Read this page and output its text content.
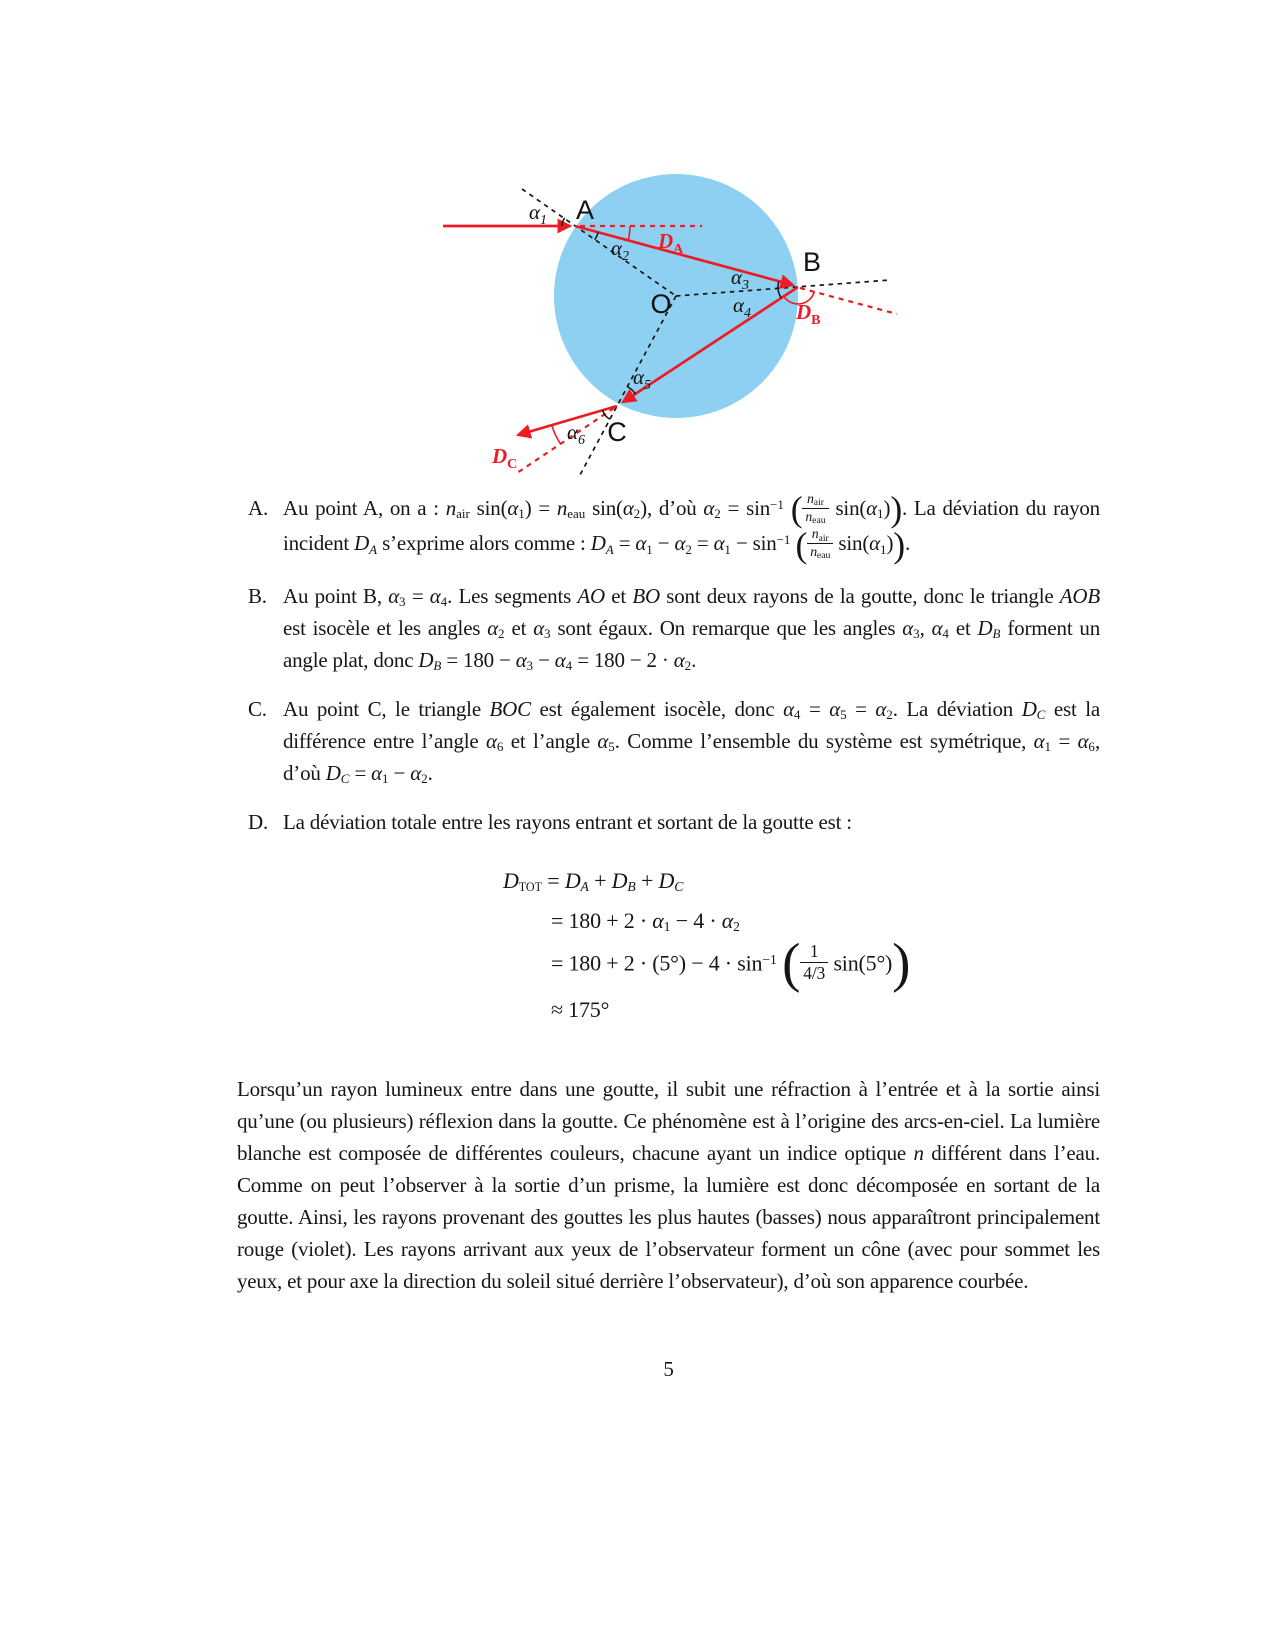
A
B
C
O
$\alpha_1$
$\alpha_2$
$\alpha_3$
$\alpha_4$
$\alpha_5$
$\alpha_6$
$D_A$
$D_B$
$D_C$
A. Au point A, on a : $n_{air}$ $\sin(\alpha_1) = n_{eau}$ $\sin(\alpha_2)$, d’où $\alpha_2 = \sin^{-1}$ ( $\frac{n_{air}}{n_{eau}} \sin(\alpha_1)$). La déviation du rayon incident $D_A$ s’exprime alors comme : $D_A = \alpha_1 - \alpha_2 = \alpha_1 - \sin^{-1}$ ( $\frac{n_{air}}{n_{eau}} \sin(\alpha_1)$).
B. Au point B, $\alpha_3 = \alpha_4$. Les segments AO et BO sont deux rayons de la goutte, donc le triangle AOB est isocèle et les angles $\alpha_2$ et $\alpha_3$ sont égaux. On remarque que les angles $\alpha_3$, $\alpha_4$ et $D_B$ forment un angle plat, donc $D_B = 180 - \alpha_3 - \alpha_4 = 180 - 2 \cdot \alpha_2$.
C. Au point C, le triangle BOC est également isocèle, donc $\alpha_4 = \alpha_5 = \alpha_2$. La déviation $D_C$ est la différence entre l’angle $\alpha_6$ et l’angle $\alpha_5$. Comme l’ensemble du système est symétrique, $\alpha_1 = \alpha_6$, d’où $D_C = \alpha_1 - \alpha_2$.
D. La déviation totale entre les rayons entrant et sortant de la goutte est :
$D_{TOT} = D_A + D_B + D_C$
= $180 + 2 \cdot \alpha_1 - 4 \cdot \alpha_2$
= $180 + 2 \cdot (5^\circ) - 4 \cdot \sin^{-1}$ ( $\frac{1}{4/3} \sin(5^\circ)$)
≈ 175°
Lorsqu’un rayon lumineux entre dans une goutte, il subit une réfraction à l’entrée et à la sortie ainsi qu’une (ou plusieurs) réflexion dans la goutte. Ce phénomène est à l’origine des arcs-en-ciel. La lumière blanche est composée de différentes couleurs, chacune ayant un indice optique n différent dans l’eau. Comme on peut l’observer à la sortie d’un prisme, la lumière est donc décomposée en sortant de la goutte. Ainsi, les rayons provenant des gouttes les plus hautes (basses) nous apparaîtront principalement rouge (violet). Les rayons arrivant aux yeux de l’observateur forment un cône (avec pour sommet les yeux, et pour axe la direction du soleil situé derrière l’observateur), d’où son apparence courbée.
5
